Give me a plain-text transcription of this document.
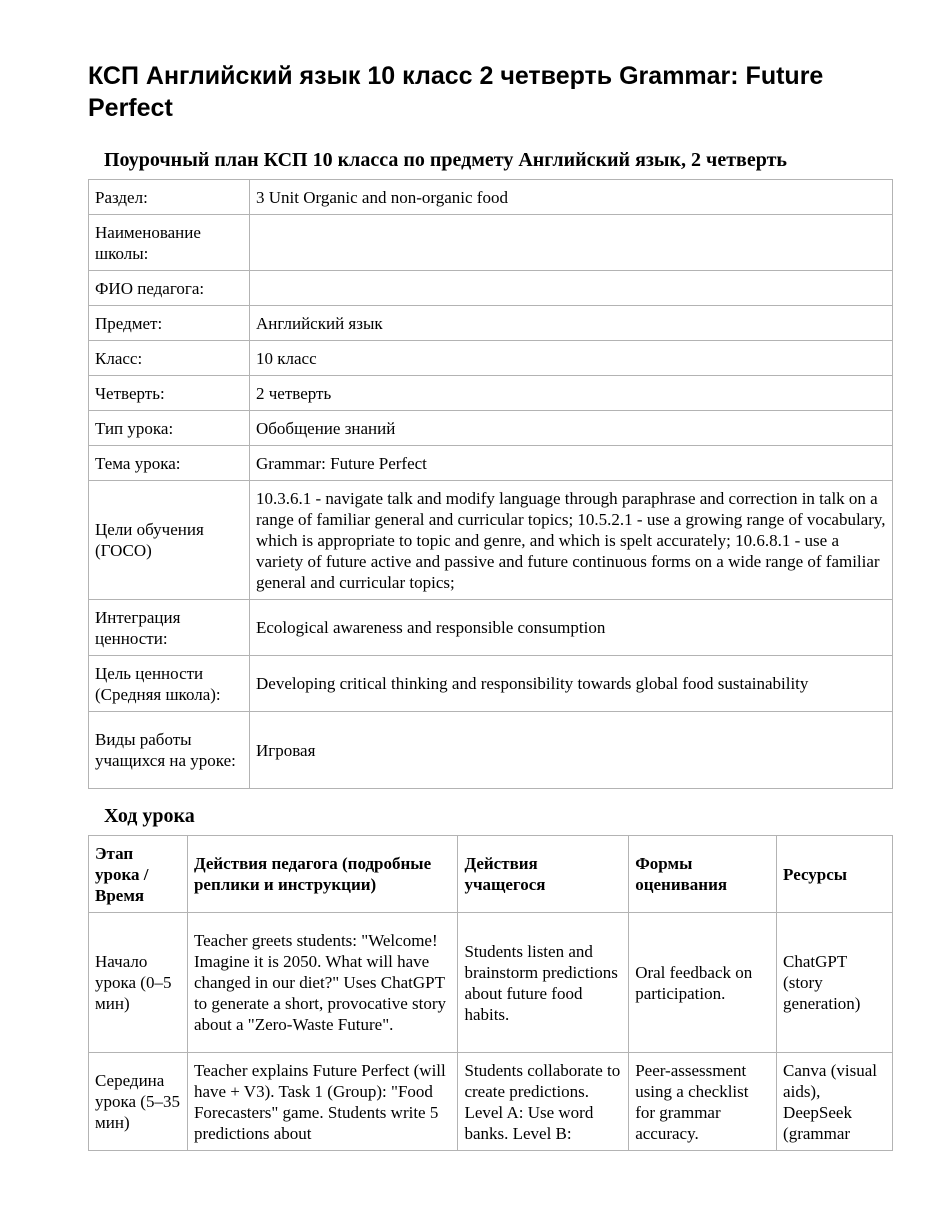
КСП Английский язык 10 класс 2 четверть Grammar: Future Perfect
Поурочный план КСП 10 класса по предмету Английский язык, 2 четверть
Раздел:	3 Unit Organic and non-organic food
Наименование школы:	
ФИО педагога:	
Предмет:	Английский язык
Класс:	10 класс
Четверть:	2 четверть
Тип урока:	Обобщение знаний
Тема урока:	Grammar: Future Perfect
Цели обучения (ГОСО)	10.3.6.1 - navigate talk and modify language through paraphrase and correction in talk on a range of familiar general and curricular topics; 10.5.2.1 - use a growing range of vocabulary, which is appropriate to topic and genre, and which is spelt accurately; 10.6.8.1 - use a variety of future active and passive and future continuous forms on a wide range of familiar general and curricular topics;
Интеграция ценности:	Ecological awareness and responsible consumption
Цель ценности (Средняя школа):	Developing critical thinking and responsibility towards global food sustainability
Виды работы учащихся на уроке:	Игровая
Ход урока
Этап урока / Время	Действия педагога (подробные реплики и инструкции)	Действия учащегося	Формы оценивания	Ресурсы
Начало урока (0–5 мин)	Teacher greets students: "Welcome! Imagine it is 2050. What will have changed in our diet?" Uses ChatGPT to generate a short, provocative story about a "Zero-Waste Future".	Students listen and brainstorm predictions about future food habits.	Oral feedback on participation.	ChatGPT (story generation)
Середина урока (5–35 мин)	Teacher explains Future Perfect (will have + V3). Task 1 (Group): "Food Forecasters" game. Students write 5 predictions about	Students collaborate to create predictions. Level A: Use word banks. Level B:	Peer-assessment using a checklist for grammar accuracy.	Canva (visual aids), DeepSeek (grammar
